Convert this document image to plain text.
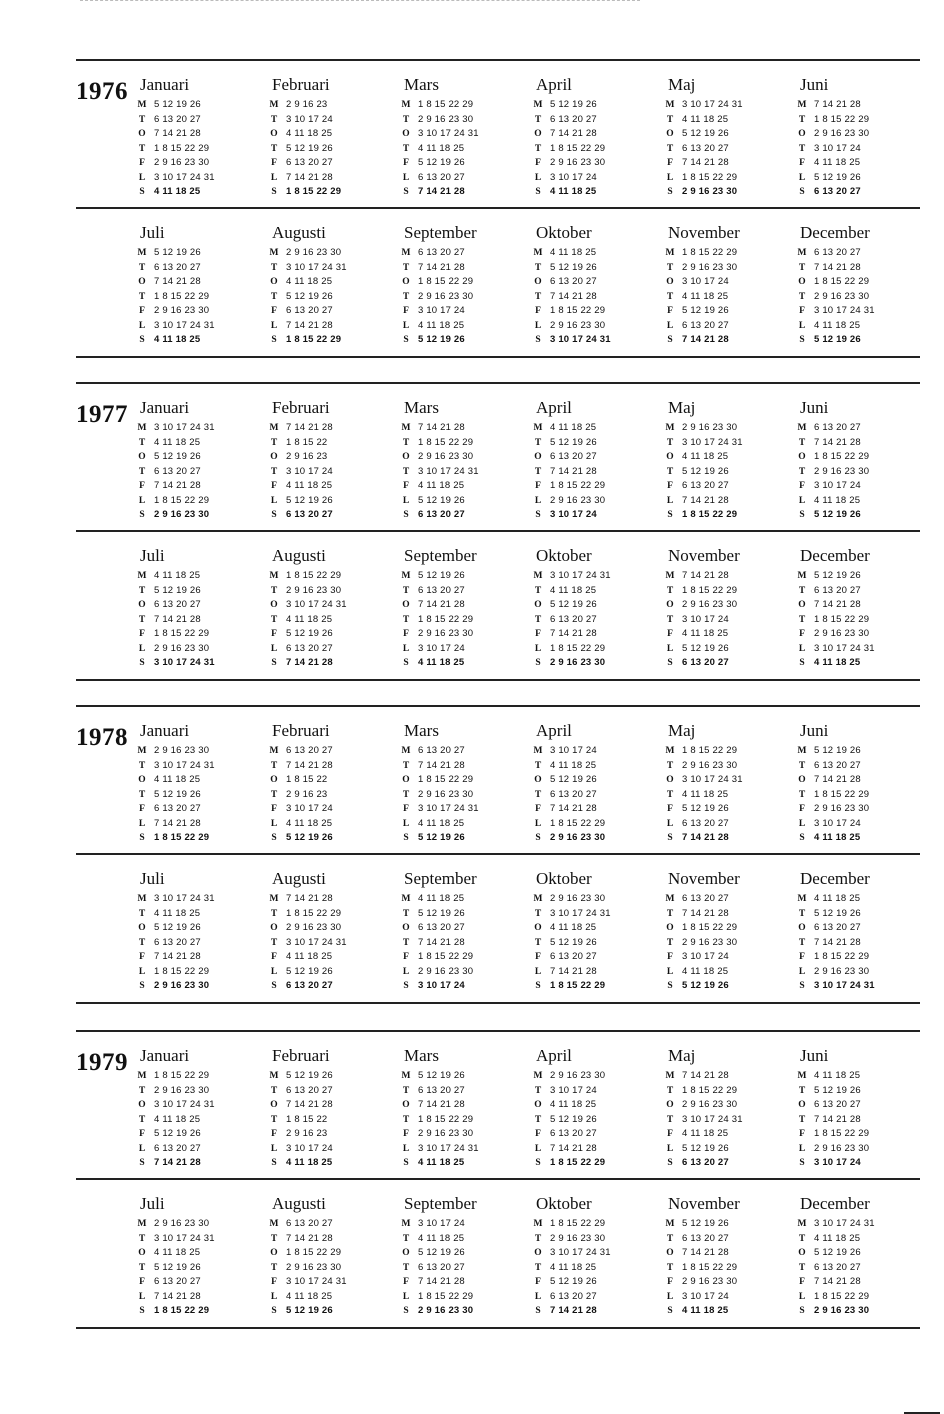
1976 Januari
M 5 12 19 26
T 6 13 20 27
O 7 14 21 28
T 1 8 15 22 29
F 2 9 16 23 30
L 3 10 17 24 31
S 4 11 18 25
Februari
M 2 9 16 23
T 3 10 17 24
O 4 11 18 25
T 5 12 19 26
F 6 13 20 27
L 7 14 21 28
S 1 8 15 22 29
Mars
M 1 8 15 22 29
T 2 9 16 23 30
O 3 10 17 24 31
T 4 11 18 25
F 5 12 19 26
L 6 13 20 27
S 7 14 21 28
April
M 5 12 19 26
T 6 13 20 27
O 7 14 21 28
T 1 8 15 22 29
F 2 9 16 23 30
L 3 10 17 24
S 4 11 18 25
Maj
M 3 10 17 24 31
T 4 11 18 25
O 5 12 19 26
T 6 13 20 27
F 7 14 21 28
L 1 8 15 22 29
S 2 9 16 23 30
Juni
M 7 14 21 28
T 1 8 15 22 29
O 2 9 16 23 30
T 3 10 17 24
F 4 11 18 25
L 5 12 19 26
S 6 13 20 27
Juli
M 5 12 19 26
T 6 13 20 27
O 7 14 21 28
T 1 8 15 22 29
F 2 9 16 23 30
L 3 10 17 24 31
S 4 11 18 25
Augusti
M 2 9 16 23 30
T 3 10 17 24 31
O 4 11 18 25
T 5 12 19 26
F 6 13 20 27
L 7 14 21 28
S 1 8 15 22 29
September
M 6 13 20 27
T 7 14 21 28
O 1 8 15 22 29
T 2 9 16 23 30
F 3 10 17 24
L 4 11 18 25
S 5 12 19 26
Oktober
M 4 11 18 25
T 5 12 19 26
O 6 13 20 27
T 7 14 21 28
F 1 8 15 22 29
L 2 9 16 23 30
S 3 10 17 24 31
November
M 1 8 15 22 29
T 2 9 16 23 30
O 3 10 17 24
T 4 11 18 25
F 5 12 19 26
L 6 13 20 27
S 7 14 21 28
December
M 6 13 20 27
T 7 14 21 28
O 1 8 15 22 29
T 2 9 16 23 30
F 3 10 17 24 31
L 4 11 18 25
S 5 12 19 26
1977 Januari
M 3 10 17 24 31
T 4 11 18 25
O 5 12 19 26
T 6 13 20 27
F 7 14 21 28
L 1 8 15 22 29
S 2 9 16 23 30
Februari
M 7 14 21 28
T 1 8 15 22
O 2 9 16 23
T 3 10 17 24
F 4 11 18 25
L 5 12 19 26
S 6 13 20 27
Mars
M 7 14 21 28
T 1 8 15 22 29
O 2 9 16 23 30
T 3 10 17 24 31
F 4 11 18 25
L 5 12 19 26
S 6 13 20 27
April
M 4 11 18 25
T 5 12 19 26
O 6 13 20 27
T 7 14 21 28
F 1 8 15 22 29
L 2 9 16 23 30
S 3 10 17 24
Maj
M 2 9 16 23 30
T 3 10 17 24 31
O 4 11 18 25
T 5 12 19 26
F 6 13 20 27
L 7 14 21 28
S 1 8 15 22 29
Juni
M 6 13 20 27
T 7 14 21 28
O 1 8 15 22 29
T 2 9 16 23 30
F 3 10 17 24
L 4 11 18 25
S 5 12 19 26
Juli
M 4 11 18 25
T 5 12 19 26
O 6 13 20 27
T 7 14 21 28
F 1 8 15 22 29
L 2 9 16 23 30
S 3 10 17 24 31
Augusti
M 1 8 15 22 29
T 2 9 16 23 30
O 3 10 17 24 31
T 4 11 18 25
F 5 12 19 26
L 6 13 20 27
S 7 14 21 28
September
M 5 12 19 26
T 6 13 20 27
O 7 14 21 28
T 1 8 15 22 29
F 2 9 16 23 30
L 3 10 17 24
S 4 11 18 25
Oktober
M 3 10 17 24 31
T 4 11 18 25
O 5 12 19 26
T 6 13 20 27
F 7 14 21 28
L 1 8 15 22 29
S 2 9 16 23 30
November
M 7 14 21 28
T 1 8 15 22 29
O 2 9 16 23 30
T 3 10 17 24
F 4 11 18 25
L 5 12 19 26
S 6 13 20 27
December
M 5 12 19 26
T 6 13 20 27
O 7 14 21 28
T 1 8 15 22 29
F 2 9 16 23 30
L 3 10 17 24 31
S 4 11 18 25
1978 Januari
M 2 9 16 23 30
T 3 10 17 24 31
O 4 11 18 25
T 5 12 19 26
F 6 13 20 27
L 7 14 21 28
S 1 8 15 22 29
Februari
M 6 13 20 27
T 7 14 21 28
O 1 8 15 22
T 2 9 16 23
F 3 10 17 24
L 4 11 18 25
S 5 12 19 26
Mars
M 6 13 20 27
T 7 14 21 28
O 1 8 15 22 29
T 2 9 16 23 30
F 3 10 17 24 31
L 4 11 18 25
S 5 12 19 26
April
M 3 10 17 24
T 4 11 18 25
O 5 12 19 26
T 6 13 20 27
F 7 14 21 28
L 1 8 15 22 29
S 2 9 16 23 30
Maj
M 1 8 15 22 29
T 2 9 16 23 30
O 3 10 17 24 31
T 4 11 18 25
F 5 12 19 26
L 6 13 20 27
S 7 14 21 28
Juni
M 5 12 19 26
T 6 13 20 27
O 7 14 21 28
T 1 8 15 22 29
F 2 9 16 23 30
L 3 10 17 24
S 4 11 18 25
Juli
M 3 10 17 24 31
T 4 11 18 25
O 5 12 19 26
T 6 13 20 27
F 7 14 21 28
L 1 8 15 22 29
S 2 9 16 23 30
Augusti
M 7 14 21 28
T 1 8 15 22 29
O 2 9 16 23 30
T 3 10 17 24 31
F 4 11 18 25
L 5 12 19 26
S 6 13 20 27
September
M 4 11 18 25
T 5 12 19 26
O 6 13 20 27
T 7 14 21 28
F 1 8 15 22 29
L 2 9 16 23 30
S 3 10 17 24
Oktober
M 2 9 16 23 30
T 3 10 17 24 31
O 4 11 18 25
T 5 12 19 26
F 6 13 20 27
L 7 14 21 28
S 1 8 15 22 29
November
M 6 13 20 27
T 7 14 21 28
O 1 8 15 22 29
T 2 9 16 23 30
F 3 10 17 24
L 4 11 18 25
S 5 12 19 26
December
M 4 11 18 25
T 5 12 19 26
O 6 13 20 27
T 7 14 21 28
F 1 8 15 22 29
L 2 9 16 23 30
S 3 10 17 24 31
1979 Januari
M 1 8 15 22 29
T 2 9 16 23 30
O 3 10 17 24 31
T 4 11 18 25
F 5 12 19 26
L 6 13 20 27
S 7 14 21 28
Februari
M 5 12 19 26
T 6 13 20 27
O 7 14 21 28
T 1 8 15 22
F 2 9 16 23
L 3 10 17 24
S 4 11 18 25
Mars
M 5 12 19 26
T 6 13 20 27
O 7 14 21 28
T 1 8 15 22 29
F 2 9 16 23 30
L 3 10 17 24 31
S 4 11 18 25
April
M 2 9 16 23 30
T 3 10 17 24
O 4 11 18 25
T 5 12 19 26
F 6 13 20 27
L 7 14 21 28
S 1 8 15 22 29
Maj
M 7 14 21 28
T 1 8 15 22 29
O 2 9 16 23 30
T 3 10 17 24 31
F 4 11 18 25
L 5 12 19 26
S 6 13 20 27
Juni
M 4 11 18 25
T 5 12 19 26
O 6 13 20 27
T 7 14 21 28
F 1 8 15 22 29
L 2 9 16 23 30
S 3 10 17 24
Juli
M 2 9 16 23 30
T 3 10 17 24 31
O 4 11 18 25
T 5 12 19 26
F 6 13 20 27
L 7 14 21 28
S 1 8 15 22 29
Augusti
M 6 13 20 27
T 7 14 21 28
O 1 8 15 22 29
T 2 9 16 23 30
F 3 10 17 24 31
L 4 11 18 25
S 5 12 19 26
September
M 3 10 17 24
T 4 11 18 25
O 5 12 19 26
T 6 13 20 27
F 7 14 21 28
L 1 8 15 22 29
S 2 9 16 23 30
Oktober
M 1 8 15 22 29
T 2 9 16 23 30
O 3 10 17 24 31
T 4 11 18 25
F 5 12 19 26
L 6 13 20 27
S 7 14 21 28
November
M 5 12 19 26
T 6 13 20 27
O 7 14 21 28
T 1 8 15 22 29
F 2 9 16 23 30
L 3 10 17 24
S 4 11 18 25
December
M 3 10 17 24 31
T 4 11 18 25
O 5 12 19 26
T 6 13 20 27
F 7 14 21 28
L 1 8 15 22 29
S 2 9 16 23 30
